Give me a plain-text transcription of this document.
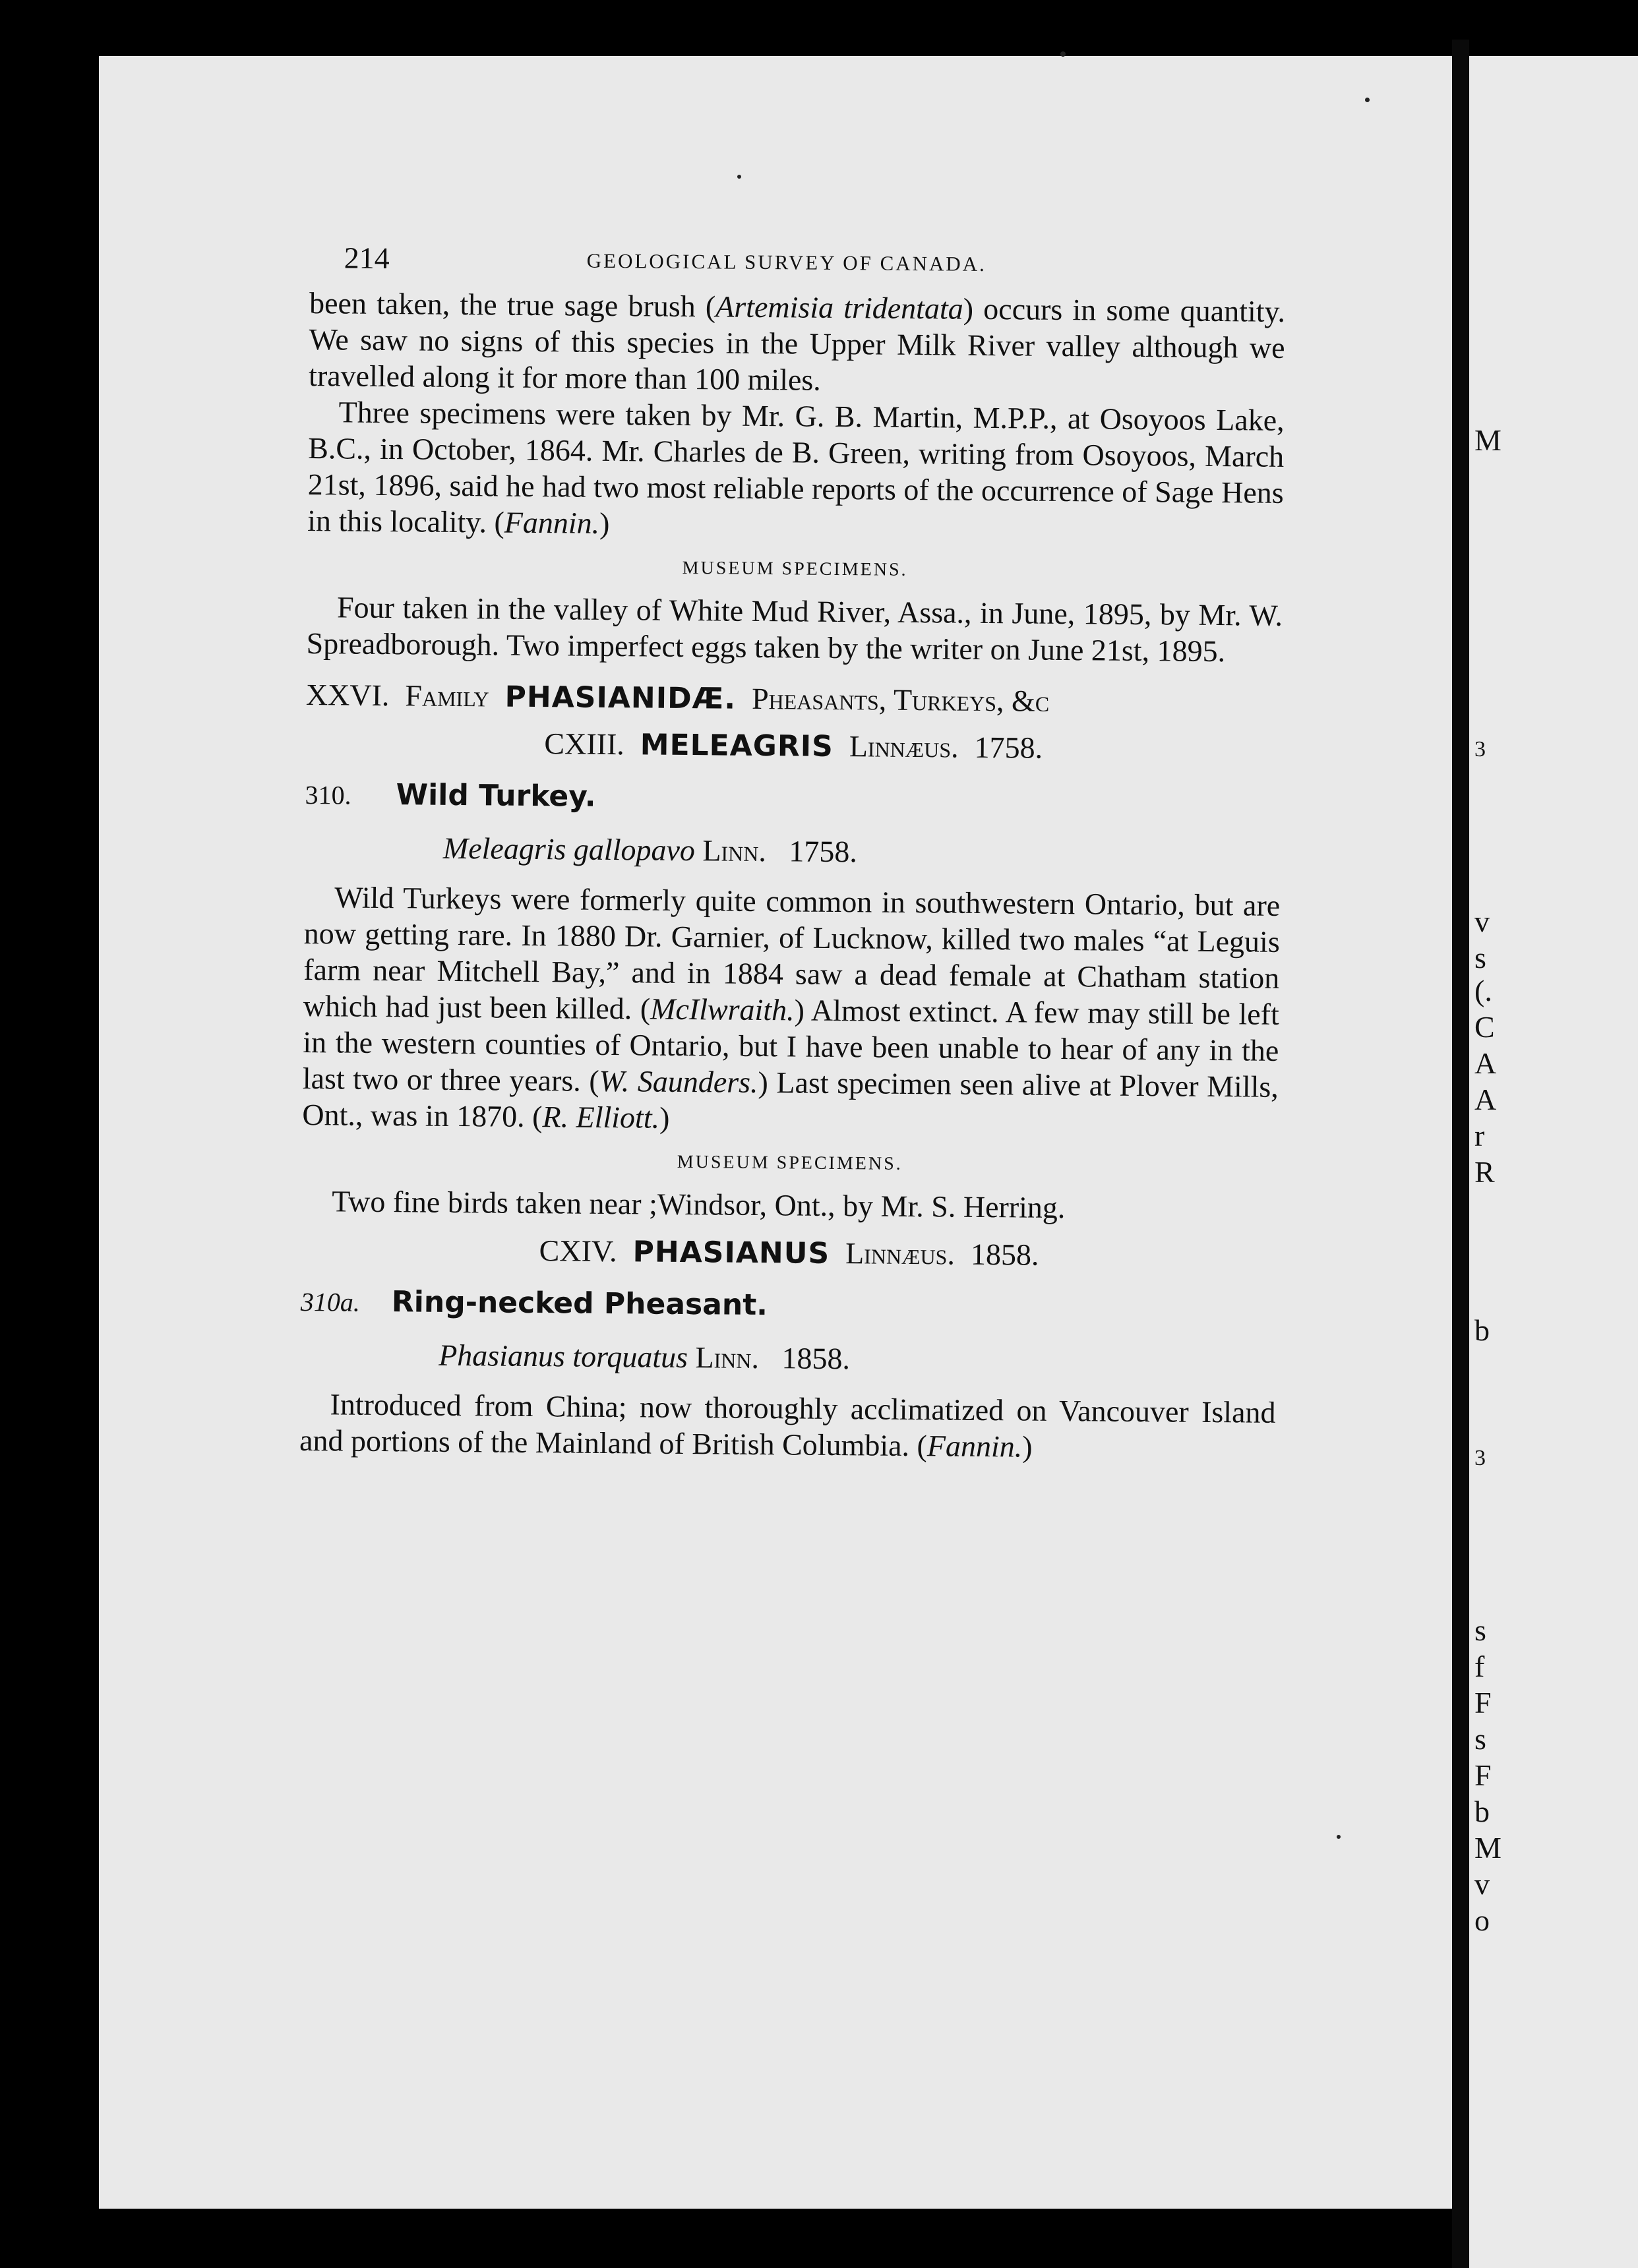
M
3
v
s
(.
C
A
A
r
R
b
3
s
f
F
s
F
b
M
v
o
214	GEOLOGICAL SURVEY OF CANADA.

been taken, the true sage brush (Artemisia tridentata) occurs in some quantity. We saw no signs of this species in the Upper Milk River valley although we travelled along it for more than 100 miles.

Three specimens were taken by Mr. G. B. Martin, M.P.P., at Osoyoos Lake, B.C., in October, 1864. Mr. Charles de B. Green, writing from Osoyoos, March 21st, 1896, said he had two most reliable reports of the occurrence of Sage Hens in this locality. (Fannin.)

MUSEUM SPECIMENS.

Four taken in the valley of White Mud River, Assa., in June, 1895, by Mr. W. Spreadborough. Two imperfect eggs taken by the writer on June 21st, 1895.

XXVI. Family PHASIANIDÆ. Pheasants, Turkeys, &c
CXIII. MELEAGRIS Linnæus. 1758.
310.	Wild Turkey.
Meleagris gallopavo Linn. 1758.

Wild Turkeys were formerly quite common in southwestern Ontario, but are now getting rare. In 1880 Dr. Garnier, of Lucknow, killed two males “at Leguis farm near Mitchell Bay,” and in 1884 saw a dead female at Chatham station which had just been killed. (McIlwraith.) Almost extinct. A few may still be left in the western counties of Ontario, but I have been unable to hear of any in the last two or three years. (W. Saunders.) Last specimen seen alive at Plover Mills, Ont., was in 1870. (R. Elliott.)

MUSEUM SPECIMENS.

Two fine birds taken near ;Windsor, Ont., by Mr. S. Herring.

CXIV. PHASIANUS Linnæus. 1858.
310a. Ring-necked Pheasant.
Phasianus torquatus Linn. 1858.

Introduced from China; now thoroughly acclimatized on Vancouver Island and portions of the Mainland of British Columbia. (Fannin.)
